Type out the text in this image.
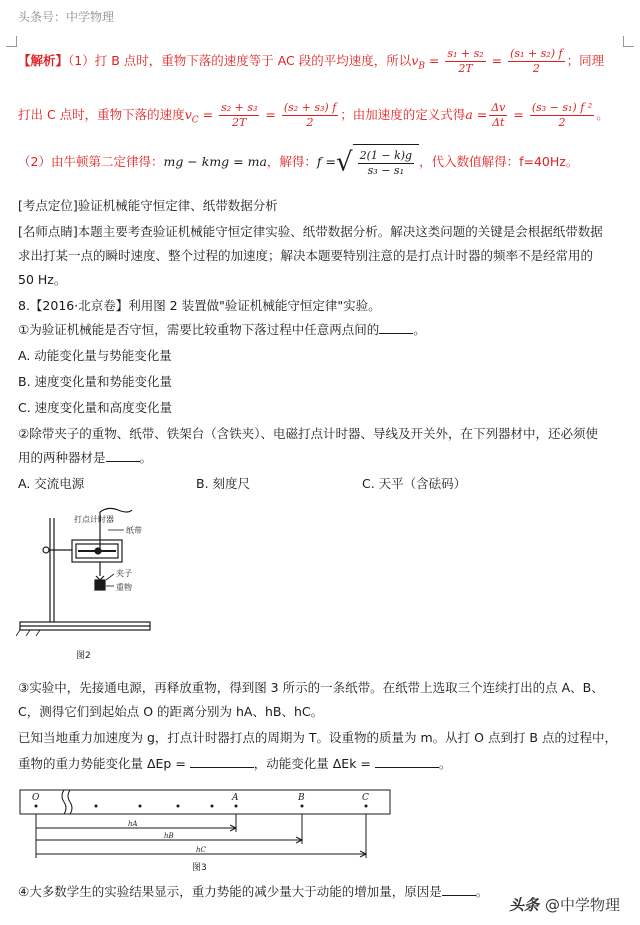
头条号：中学物理
【解析】（1）打 B 点时，重物下落的速度等于 AC 段的平均速度，所以$v_B = \frac{\text{s₁ + s₂}}{2T} = \frac{\text{(s₁ + s₂) f}}{2}$ ；同理
打出 C 点时，重物下落的速度$v_C = \frac{\text{s₂ + s₃}}{2T} = \frac{\text{(s₂ + s₃) f}}{2}$ ；由加速度的定义式得$a = \frac{\Delta v}{\Delta t} = \frac{\text{(s₃ − s₁) f ²}}{2}$ 。
（2）由牛顿第二定律得：mg − kmg = ma，解得：f =√ $\frac{2(1 - k)g}{\text{s₃ − s₁}}$ ，代入数值解得：f=40Hz。
[考点定位]验证机械能守恒定律、纸带数据分析
[名师点睛]本题主要考查验证机械能守恒定律实验、纸带数据分析。解决这类问题的关键是会根据纸带数据
求出打某一点的瞬时速度、整个过程的加速度；解决本题要特别注意的是打点计时器的频率不是经常用的
50 Hz。
8.【2016·北京卷】利用图 2 装置做"验证机械能守恒定律"实验。
①为验证机械能是否守恒，需要比较重物下落过程中任意两点间的	。
A. 动能变化量与势能变化量
B. 速度变化量和势能变化量
C. 速度变化量和高度变化量
②除带夹子的重物、纸带、铁架台（含铁夹）、电磁打点计时器、导线及开关外，在下列器材中，还必须使
用的两种器材是	。
A. 交流电源	B. 刻度尺	C. 天平（含砝码）
打点计时器
纸带
夹子
重物
图2
③实验中，先接通电源，再释放重物，得到图 3 所示的一条纸带。在纸带上选取三个连续打出的点 A、B、
C，测得它们到起始点 O 的距离分别为 hA、hB、hC。
已知当地重力加速度为 g，打点计时器打点的周期为 T。设重物的质量为 m。从打 O 点到打 B 点的过程中，
重物的重力势能变化量 ΔEp =	，动能变化量 ΔEk =	。
O	A	B	C
hA
hB
hC
图3
④大多数学生的实验结果显示，重力势能的减少量大于动能的增加量，原因是	。
头条 @中学物理
